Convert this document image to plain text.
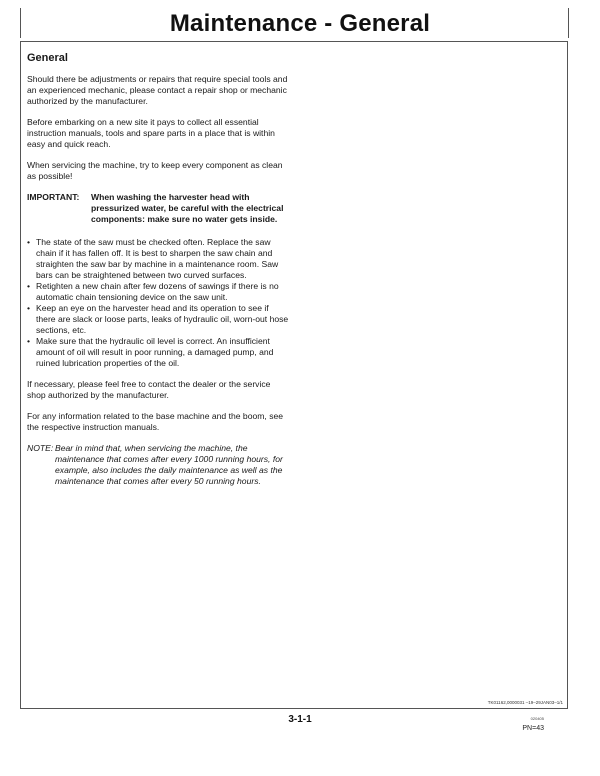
Maintenance - General
General

Should there be adjustments or repairs that require special tools and an experienced mechanic, please contact a repair shop or mechanic authorized by the manufacturer.

Before embarking on a new site it pays to collect all essential instruction manuals, tools and spare parts in a place that is within easy and quick reach.

When servicing the machine, try to keep every component as clean as possible!

IMPORTANT:	When washing the harvester head with pressurized water, be careful with the electrical components: make sure no water gets inside.
• The state of the saw must be checked often. Replace the saw chain if it has fallen off. It is best to sharpen the saw chain and straighten the saw bar by machine in a maintenance room. Saw bars can be straightened between two curved surfaces.
• Retighten a new chain after few dozens of sawings if there is no automatic chain tensioning device on the saw unit.
• Keep an eye on the harvester head and its operation to see if there are slack or loose parts, leaks of hydraulic oil, worn-out hose sections, etc.
• Make sure that the hydraulic oil level is correct. An insufficient amount of oil will result in poor running, a damaged pump, and ruined lubrication properties of the oil.

If necessary, please feel free to contact the dealer or the service shop authorized by the manufacturer.

For any information related to the base machine and the boom, see the respective instruction manuals.

NOTE: Bear in mind that, when servicing the machine, the maintenance that comes after every 1000 running hours, for example, also includes the daily maintenance as well as the maintenance that comes after every 50 running hours.
TK01162,0000031 –19–29JAN03–1/1
3-1-1	020405
PN=43
